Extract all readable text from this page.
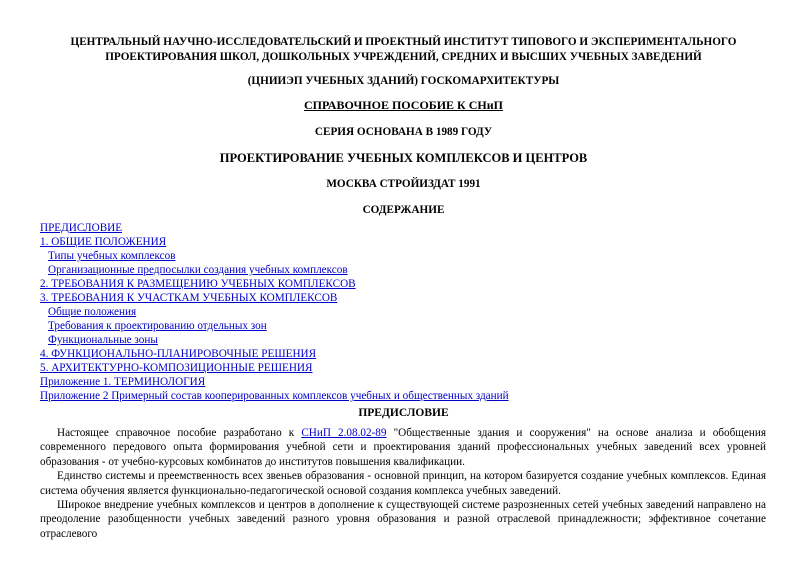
ЦЕНТРАЛЬНЫЙ НАУЧНО-ИССЛЕДОВАТЕЛЬСКИЙ И ПРОЕКТНЫЙ ИНСТИТУТ ТИПОВОГО И ЭКСПЕРИМЕНТАЛЬНОГО
ПРОЕКТИРОВАНИЯ ШКОЛ, ДОШКОЛЬНЫХ УЧРЕЖДЕНИЙ, СРЕДНИХ И ВЫСШИХ УЧЕБНЫХ ЗАВЕДЕНИЙ
(ЦНИИЭП УЧЕБНЫХ ЗДАНИЙ) ГОСКОМАРХИТЕКТУРЫ
СПРАВОЧНОЕ ПОСОБИЕ К СНиП
СЕРИЯ ОСНОВАНА В 1989 ГОДУ
ПРОЕКТИРОВАНИЕ УЧЕБНЫХ КОМПЛЕКСОВ И ЦЕНТРОВ
МОСКВА СТРОЙИЗДАТ 1991
СОДЕРЖАНИЕ
ПРЕДИСЛОВИЕ
1. ОБЩИЕ ПОЛОЖЕНИЯ
Типы учебных комплексов
Организационные предпосылки создания учебных комплексов
2. ТРЕБОВАНИЯ К РАЗМЕЩЕНИЮ УЧЕБНЫХ КОМПЛЕКСОВ
3. ТРЕБОВАНИЯ К УЧАСТКАМ УЧЕБНЫХ КОМПЛЕКСОВ
Общие положения
Требования к проектированию отдельных зон
Функциональные зоны
4. ФУНКЦИОНАЛЬНО-ПЛАНИРОВОЧНЫЕ РЕШЕНИЯ
5. АРХИТЕКТУРНО-КОМПОЗИЦИОННЫЕ РЕШЕНИЯ
Приложение 1. ТЕРМИНОЛОГИЯ
Приложение 2 Примерный состав кооперированных комплексов учебных и общественных зданий
ПРЕДИСЛОВИЕ

Настоящее справочное пособие разработано к СНиП 2.08.02-89 "Общественные здания и сооружения" на основе анализа и обобщения современного передового опыта формирования учебной сети и проектирования зданий профессиональных учебных заведений всех уровней образования - от учебно-курсовых комбинатов до институтов повышения квалификации.

Единство системы и преемственность всех звеньев образования - основной принцип, на котором базируется создание учебных комплексов. Единая система обучения является функционально-педагогической основой создания комплекса учебных заведений.

Широкое внедрение учебных комплексов и центров в дополнение к существующей системе разрозненных сетей учебных заведений направлено на преодоление разобщенности учебных заведений разного уровня образования и разной отраслевой принадлежности; эффективное сочетание отраслевого
